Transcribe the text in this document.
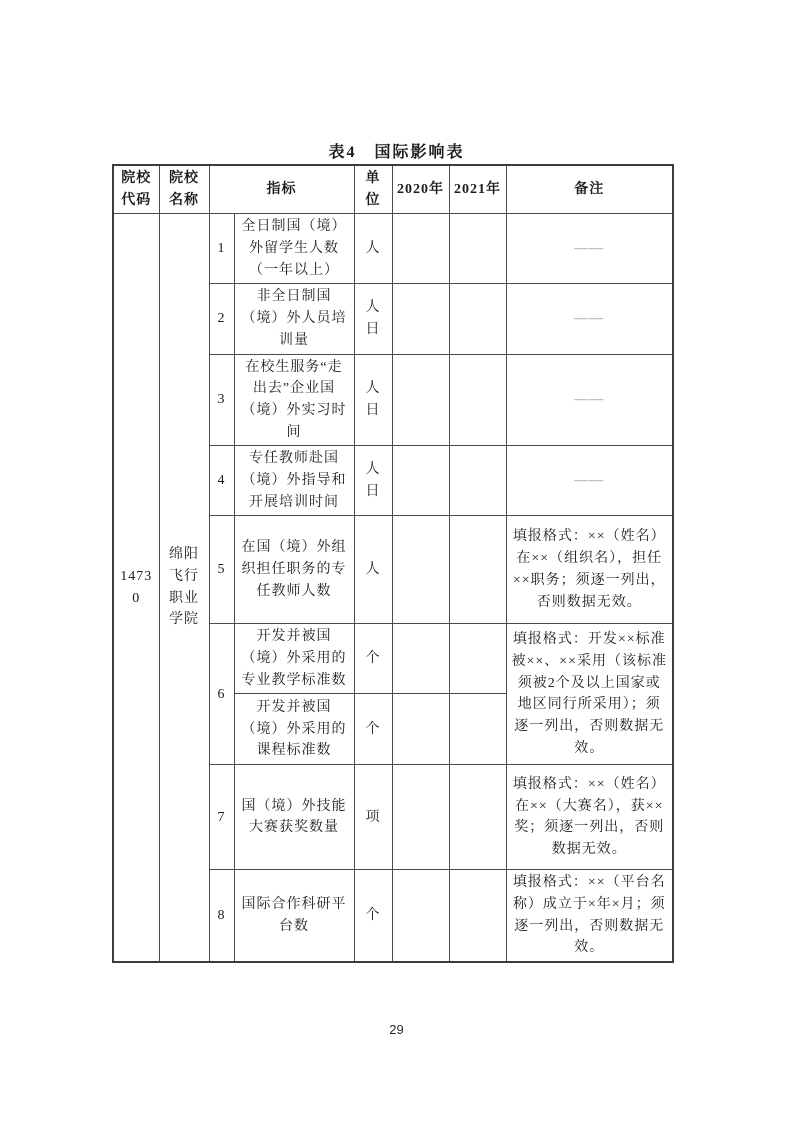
表4　国际影响表
院校代码	院校名称	指标		单位	2020年	2021年	备注
14730	绵阳飞行职业学院	1	全日制国（境）外留学生人数（一年以上）	人			——
		2	非全日制国（境）外人员培训量	人日			——
		3	在校生服务“走出去”企业国（境）外实习时间	人日			——
		4	专任教师赴国（境）外指导和开展培训时间	人日			——
		5	在国（境）外组织担任职务的专任教师人数	人			填报格式：××（姓名）在××（组织名），担任××职务；须逐一列出，否则数据无效。
		6	开发并被国（境）外采用的专业教学标准数	个			填报格式：开发××标准被××、××采用（该标准须被2个及以上国家或地区同行所采用）；须逐一列出，否则数据无效。
			开发并被国（境）外采用的课程标准数	个			
		7	国（境）外技能大赛获奖数量	项			填报格式：××（姓名）在××（大赛名），获××奖；须逐一列出，否则数据无效。
		8	国际合作科研平台数	个			填报格式：××（平台名称）成立于×年×月；须逐一列出，否则数据无效。
29
